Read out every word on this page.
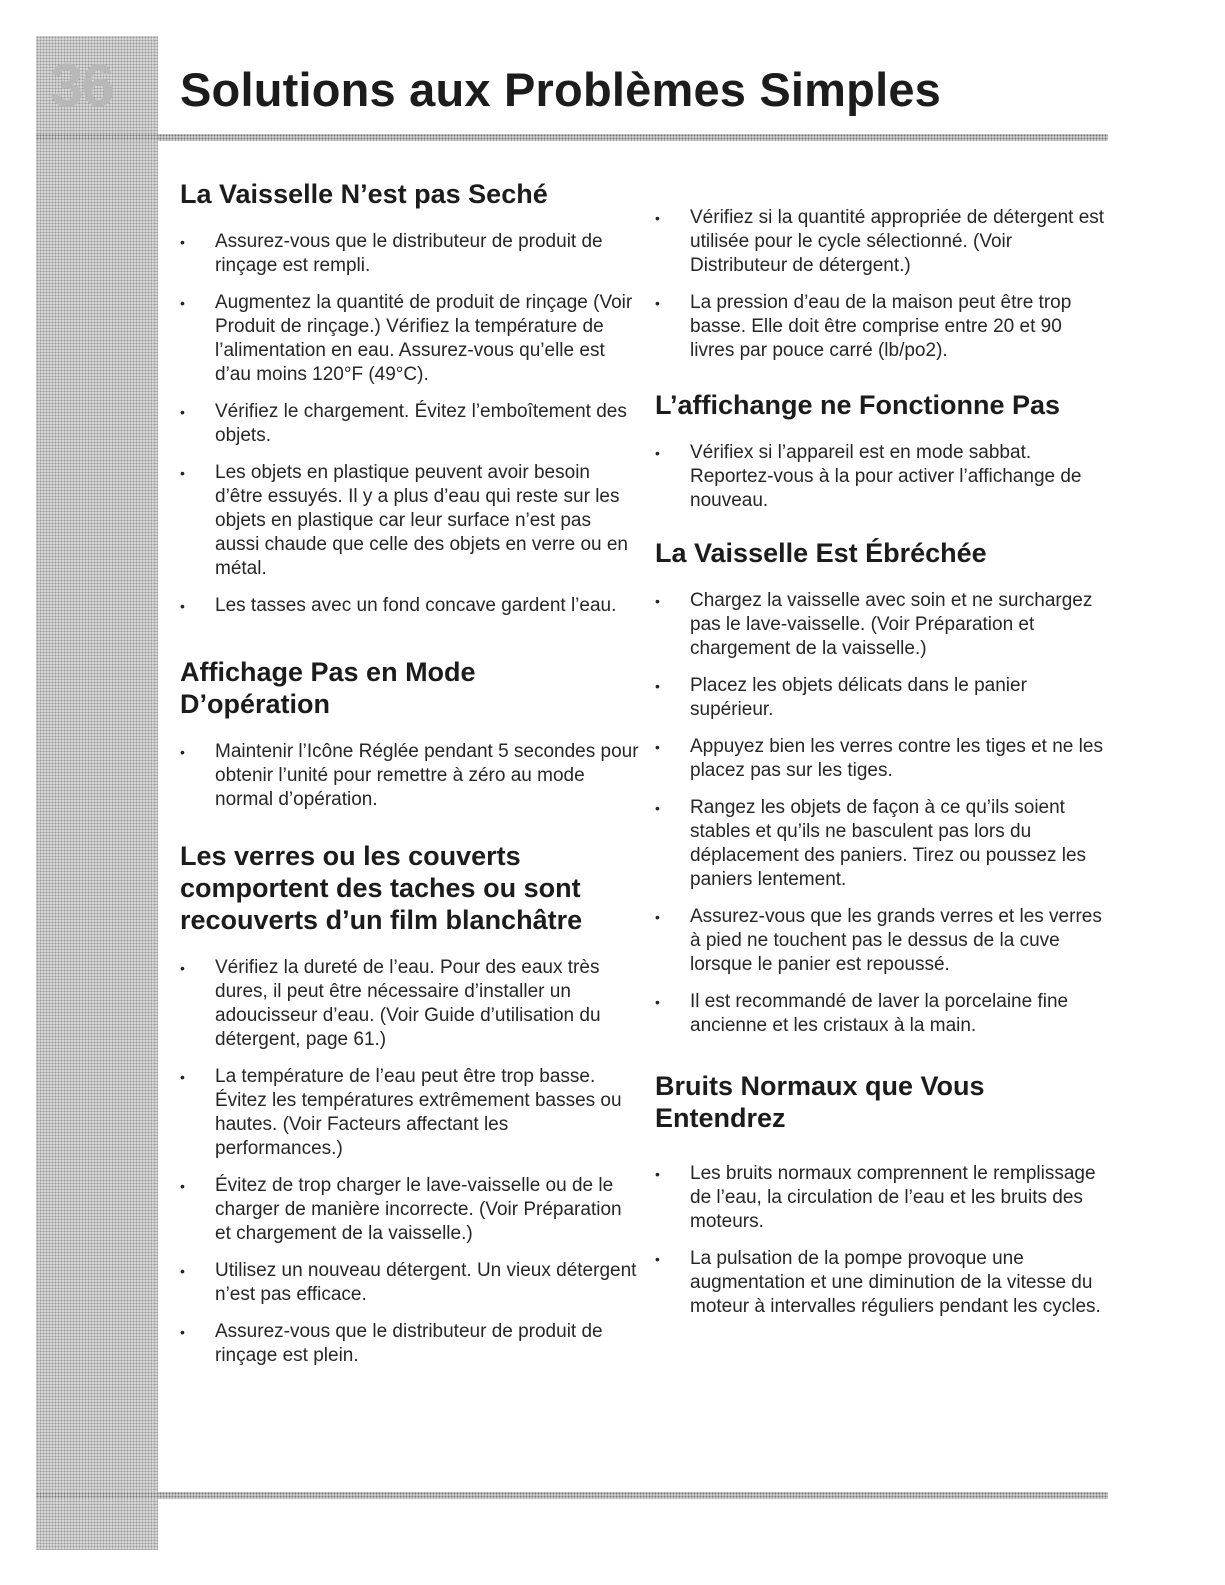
36	Solutions aux Problèmes Simples
La Vaisselle N’est pas Seché
• Assurez-vous que le distributeur de produit de rinçage est rempli.
• Augmentez la quantité de produit de rinçage (Voir Produit de rinçage.) Vérifiez la température de l’alimentation en eau. Assurez-vous qu’elle est d’au moins 120°F (49°C).
• Vérifiez le chargement. Évitez l’emboîtement des objets.
• Les objets en plastique peuvent avoir besoin d’être essuyés. Il y a plus d’eau qui reste sur les objets en plastique car leur surface n’est pas aussi chaude que celle des objets en verre ou en métal.
• Les tasses avec un fond concave gardent l’eau.
Affichage Pas en Mode D’opération
• Maintenir l’Icône Réglée pendant 5 secondes pour obtenir l’unité pour remettre à zéro au mode normal d’opération.
Les verres ou les couverts comportent des taches ou sont recouverts d’un film blanchâtre
• Vérifiez la dureté de l’eau. Pour des eaux très dures, il peut être nécessaire d’installer un adoucisseur d’eau. (Voir Guide d’utilisation du détergent, page 61.)
• La température de l’eau peut être trop basse. Évitez les températures extrêmement basses ou hautes. (Voir Facteurs affectant les performances.)
• Évitez de trop charger le lave-vaisselle ou de le charger de manière incorrecte. (Voir Préparation et chargement de la vaisselle.)
• Utilisez un nouveau détergent. Un vieux détergent n’est pas efficace.
• Assurez-vous que le distributeur de produit de rinçage est plein.
• Vérifiez si la quantité appropriée de détergent est utilisée pour le cycle sélectionné. (Voir Distributeur de détergent.)
• La pression d’eau de la maison peut être trop basse. Elle doit être comprise entre 20 et 90 livres par pouce carré (lb/po2).
L’affichange ne Fonctionne Pas
• Vérifiex si l’appareil est en mode sabbat. Reportez-vous à la pour activer l’affichange de nouveau.
La Vaisselle Est Ébréchée
• Chargez la vaisselle avec soin et ne surchargez pas le lave-vaisselle. (Voir Préparation et chargement de la vaisselle.)
• Placez les objets délicats dans le panier supérieur.
• Appuyez bien les verres contre les tiges et ne les placez pas sur les tiges.
• Rangez les objets de façon à ce qu’ils soient stables et qu’ils ne basculent pas lors du déplacement des paniers. Tirez ou poussez les paniers lentement.
• Assurez-vous que les grands verres et les verres à pied ne touchent pas le dessus de la cuve lorsque le panier est repoussé.
• Il est recommandé de laver la porcelaine fine ancienne et les cristaux à la main.
Bruits Normaux que Vous Entendrez
• Les bruits normaux comprennent le remplissage de l’eau, la circulation de l’eau et les bruits des moteurs.
• La pulsation de la pompe provoque une augmentation et une diminution de la vitesse du moteur à intervalles réguliers pendant les cycles.
